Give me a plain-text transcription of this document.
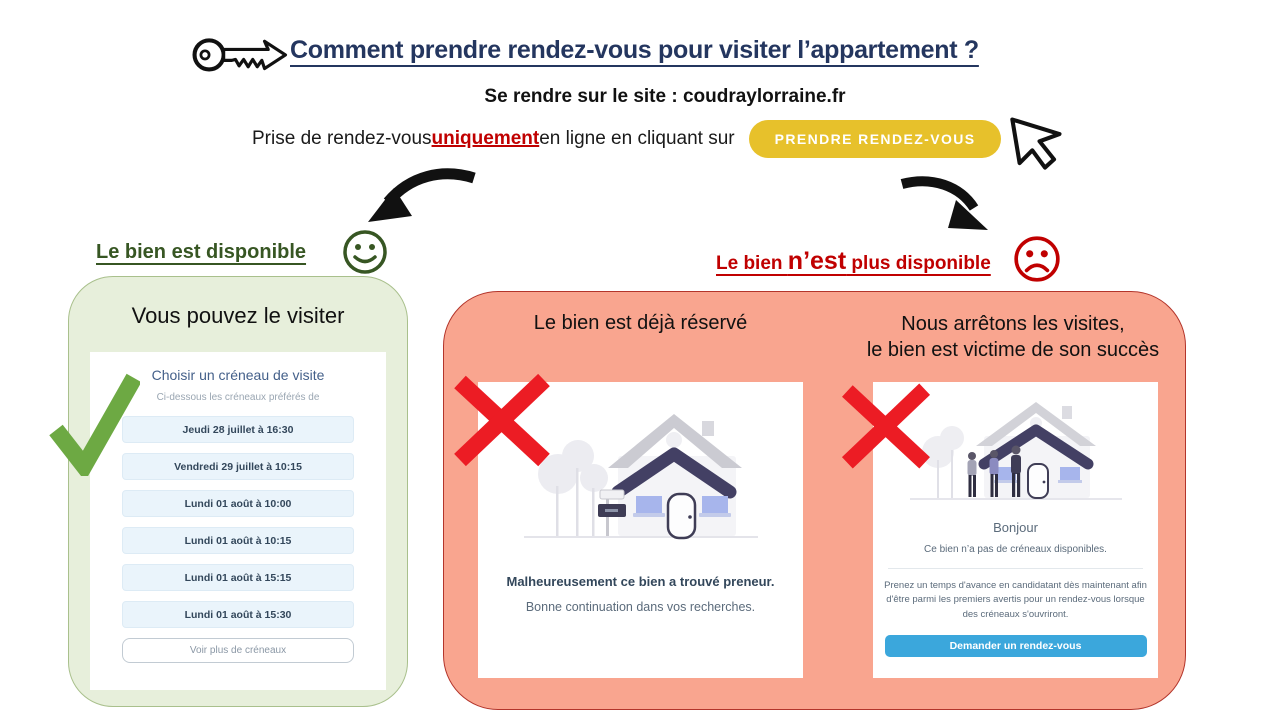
Comment prendre rendez-vous pour visiter l’appartement ?
Se rendre sur le site : coudraylorraine.fr
Prise de rendez-vous uniquement en ligne en cliquant sur	PRENDRE RENDEZ-VOUS
Le bien est disponible
Vous pouvez le visiter
Choisir un créneau de visite
Ci-dessous les créneaux préférés de
Jeudi 28 juillet à 16:30
Vendredi 29 juillet à 10:15
Lundi 01 août à 10:00
Lundi 01 août à 10:15
Lundi 01 août à 15:15
Lundi 01 août à 15:30
Voir plus de créneaux
Le bien n’est plus disponible
Le bien est déjà réservé	Nous arrêtons les visites,
le bien est victime de son succès
Malheureusement ce bien a trouvé preneur.
Bonne continuation dans vos recherches.
Bonjour
Ce bien n’a pas de créneaux disponibles.
Prenez un temps d'avance en candidatant dès maintenant afin d'être parmi les premiers avertis pour un rendez-vous lorsque des créneaux s'ouvriront.
Demander un rendez-vous
